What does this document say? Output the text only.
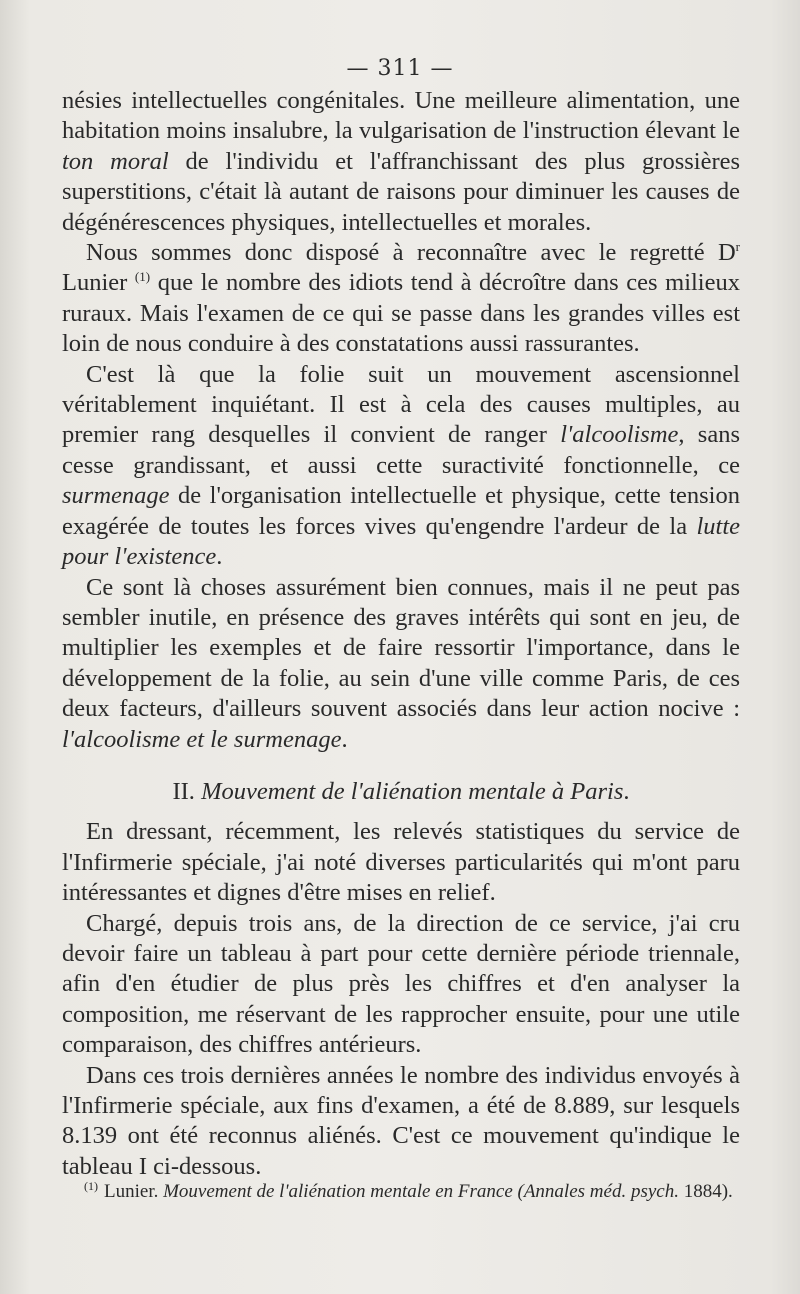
— 311 —

nésies intellectuelles congénitales. Une meilleure alimentation, une habitation moins insalubre, la vulgarisation de l'instruction élevant le ton moral de l'individu et l'affranchissant des plus grossières superstitions, c'était là autant de raisons pour diminuer les causes de dégénérescences physiques, intellectuelles et morales.

Nous sommes donc disposé à reconnaître avec le regretté $D^r$ Lunier $^{(1)}$ que le nombre des idiots tend à décroître dans ces milieux ruraux. Mais l'examen de ce qui se passe dans les grandes villes est loin de nous conduire à des constatations aussi rassurantes.

C'est là que la folie suit un mouvement ascensionnel véritablement inquiétant. Il est à cela des causes multiples, au premier rang desquelles il convient de ranger l'alcoolisme, sans cesse grandissant, et aussi cette suractivité fonctionnelle, ce surmenage de l'organisation intellectuelle et physique, cette tension exagérée de toutes les forces vives qu'engendre l'ardeur de la lutte pour l'existence.

Ce sont là choses assurément bien connues, mais il ne peut pas sembler inutile, en présence des graves intérêts qui sont en jeu, de multiplier les exemples et de faire ressortir l'importance, dans le développement de la folie, au sein d'une ville comme Paris, de ces deux facteurs, d'ailleurs souvent associés dans leur action nocive : l'alcoolisme et le surmenage.

II. Mouvement de l'aliénation mentale à Paris.

En dressant, récemment, les relevés statistiques du service de l'Infirmerie spéciale, j'ai noté diverses particularités qui m'ont paru intéressantes et dignes d'être mises en relief.

Chargé, depuis trois ans, de la direction de ce service, j'ai cru devoir faire un tableau à part pour cette dernière période triennale, afin d'en étudier de plus près les chiffres et d'en analyser la composition, me réservant de les rapprocher ensuite, pour une utile comparaison, des chiffres antérieurs.

Dans ces trois dernières années le nombre des individus envoyés à l'Infirmerie spéciale, aux fins d'examen, a été de 8.889, sur lesquels 8.139 ont été reconnus aliénés. C'est ce mouvement qu'indique le tableau I ci-dessous.

$^{(1)}$ Lunier. Mouvement de l'aliénation mentale en France (Annales méd. psych. 1884).
